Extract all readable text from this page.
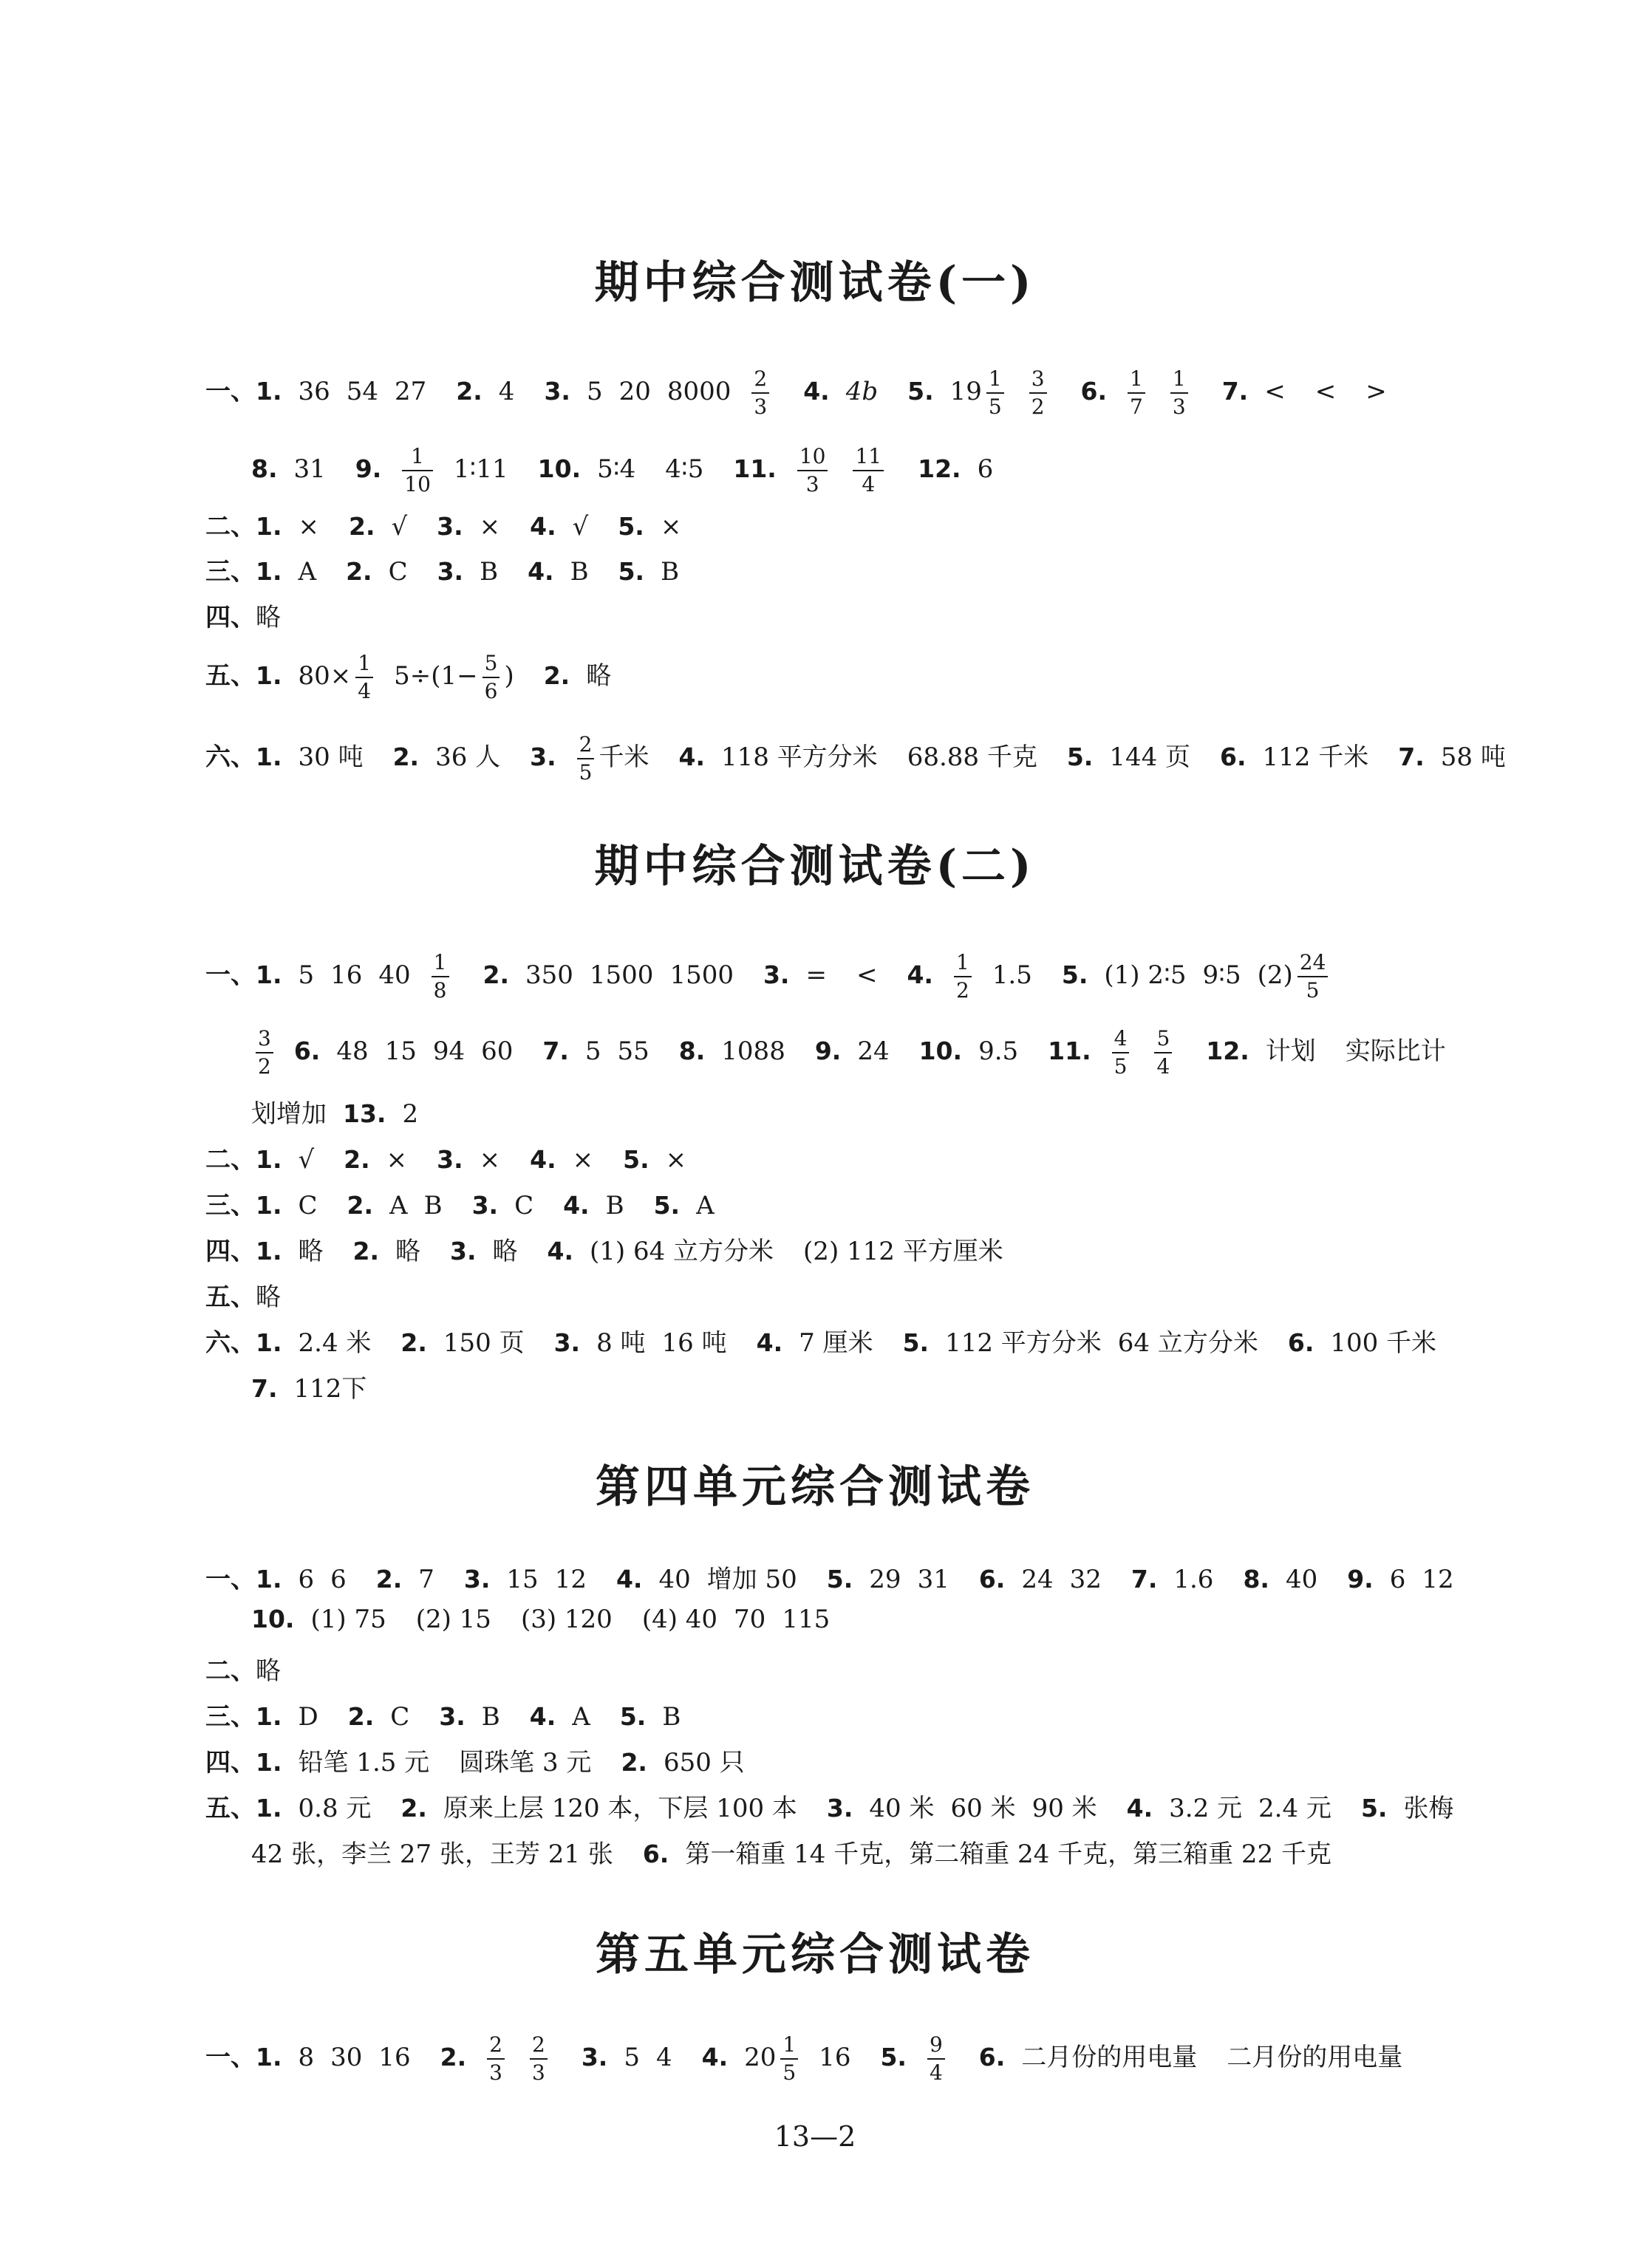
期中综合测试卷(一)
一、1. 36 54 27 2. 4 3. 5 20 $8000 \frac{2}{3} 4$. 4b 5. $19 \frac{1}{5} \frac{3}{2} 6$. $\frac{1}{7} \frac{1}{3} 7$. < < >
8. 31 9. $\frac{1}{10}$ 1∶11 10. 5∶4 4∶5 11. $\frac{10}{3} \frac{11}{4} 12$. 6
二、1. × 2. √ 3. × 4. √ 5. ×
三、1. A 2. C 3. B 4. B 5. B
四、略
五、1. $80\times \frac{1}{4} 5\div(1- \frac{5}{6}$ ) 2. 略
六、1. 30 吨 2. 36 人 3. $\frac{2}{5}$ 千米 4. 118 平方分米 68.88 千克 5. 144 页 6. 112 千米 7. 58 吨
期中综合测试卷(二)
一、1. 5 16 $40 \frac{1}{8} 2$. 350 1500 1500 3. = < 4. $\frac{1}{2} 1.5$ 5. (1) 2∶5 9∶5 $(2) \frac{24}{5}$
$\frac{3}{2} 6$. 48 15 94 60 7. 5 55 8. 1088 9. 24 10. 9.5 11. $\frac{4}{5} \frac{5}{4} 12$. 计划 实际比计
划增加 13. 2
二、1. √ 2. × 3. × 4. × 5. ×
三、1. C 2. A B 3. C 4. B 5. A
四、1. 略 2. 略 3. 略 4. (1) 64 立方分米 (2) 112 平方厘米
五、略
六、1. 2.4 米 2. 150 页 3. 8 吨 16 吨 4. 7 厘米 5. 112 平方分米 64 立方分米 6. 100 千米
7. 112下
第四单元综合测试卷
一、1. 6 6 2. 7 3. 15 12 4. 40 增加 50 5. 29 31 6. 24 32 7. 1.6 8. 40 9. 6 12
10. (1) 75 (2) 15 (3) 120 (4) 40 70 115
二、略
三、1. D 2. C 3. B 4. A 5. B
四、1. 铅笔 1.5 元 圆珠笔 3 元 2. 650 只
五、1. 0.8 元 2. 原来上层 120 本，下层 100 本 3. 40 米 60 米 90 米 4. 3.2 元 2.4 元 5. 张梅
42 张，李兰 27 张，王芳 21 张 6. 第一箱重 14 千克，第二箱重 24 千克，第三箱重 22 千克
第五单元综合测试卷
一、1. 8 30 16 2. $\frac{2}{3} \frac{2}{3} 3$. 5 4 4. $20 \frac{1}{5} 16$ 5. $\frac{9}{4} 6$. 二月份的用电量 二月份的用电量
13—2
